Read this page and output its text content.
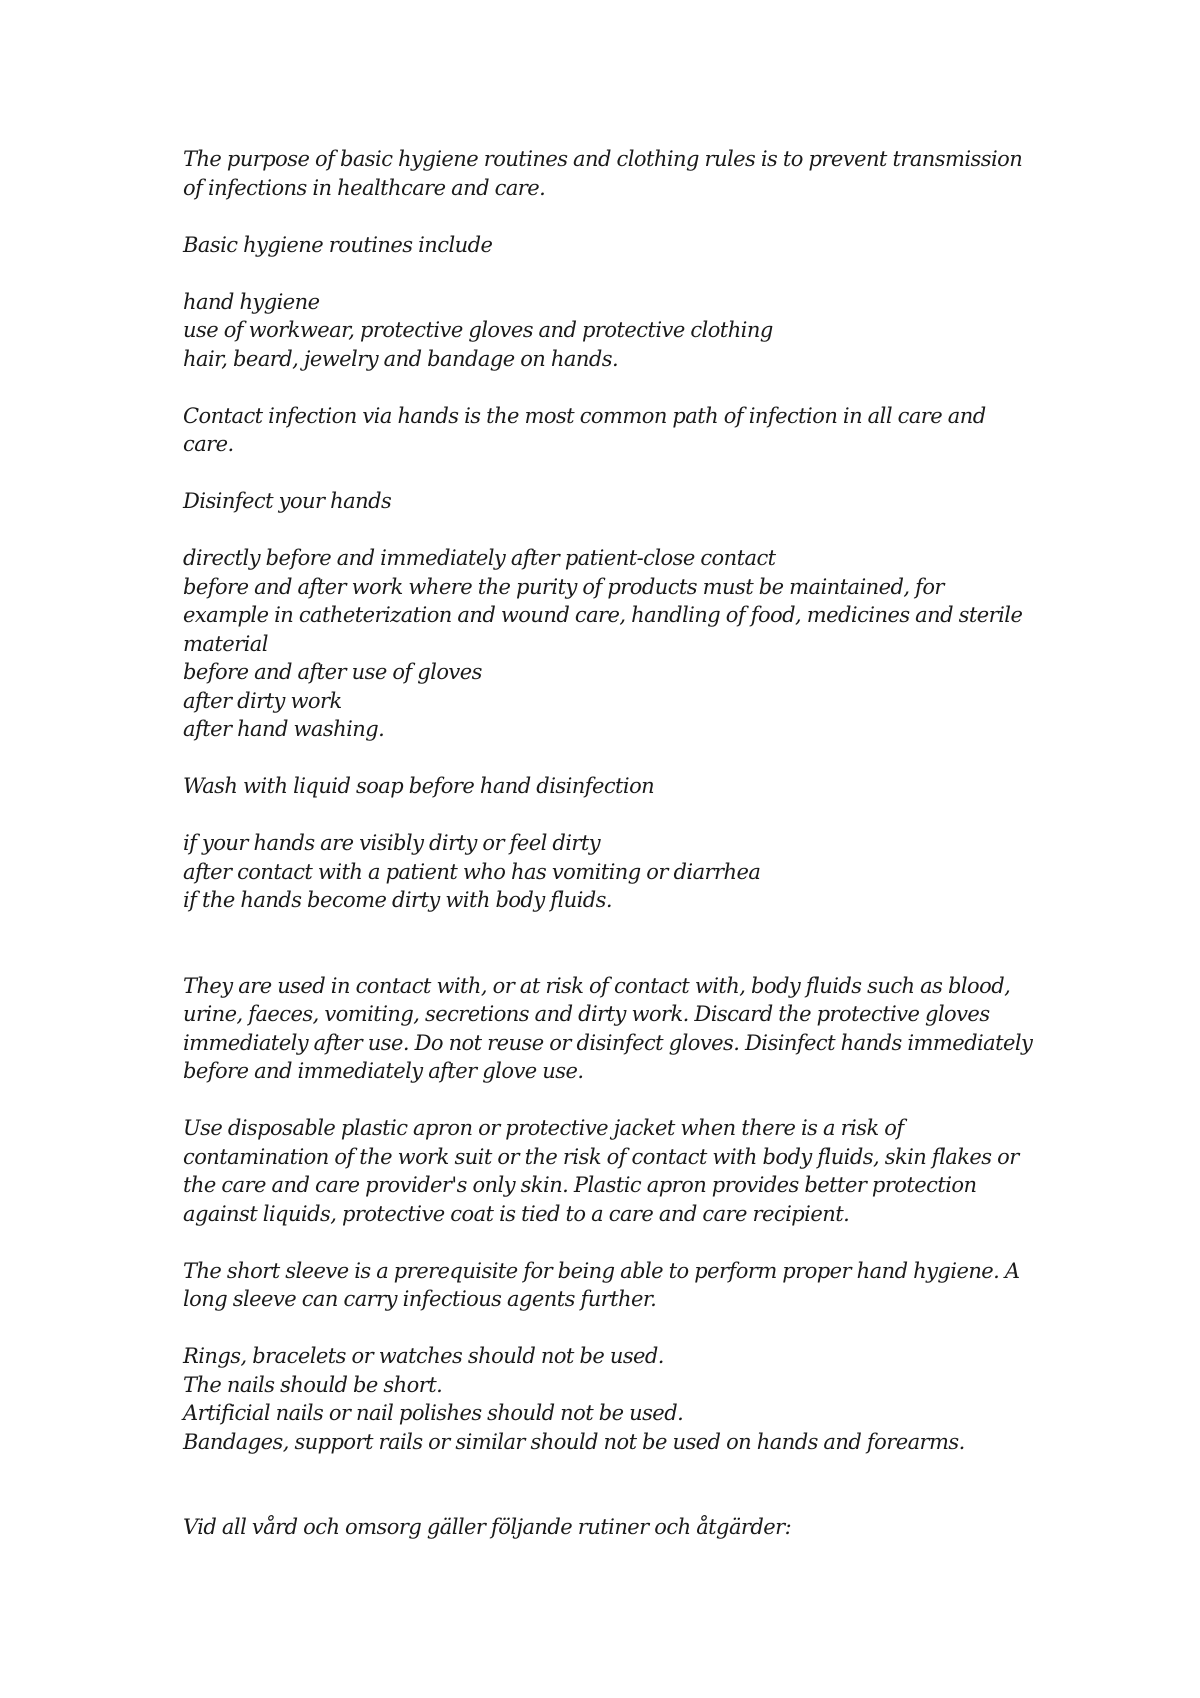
The purpose of basic hygiene routines and clothing rules is to prevent transmission
of infections in healthcare and care.
Basic hygiene routines include
hand hygiene
use of workwear, protective gloves and protective clothing
hair, beard, jewelry and bandage on hands.
Contact infection via hands is the most common path of infection in all care and
care.
Disinfect your hands
directly before and immediately after patient-close contact
before and after work where the purity of products must be maintained, for
example in catheterization and wound care, handling of food, medicines and sterile
material
before and after use of gloves
after dirty work
after hand washing.
Wash with liquid soap before hand disinfection
if your hands are visibly dirty or feel dirty
after contact with a patient who has vomiting or diarrhea
if the hands become dirty with body fluids.
They are used in contact with, or at risk of contact with, body fluids such as blood,
urine, faeces, vomiting, secretions and dirty work. Discard the protective gloves
immediately after use. Do not reuse or disinfect gloves. Disinfect hands immediately
before and immediately after glove use.
Use disposable plastic apron or protective jacket when there is a risk of
contamination of the work suit or the risk of contact with body fluids, skin flakes or
the care and care provider's only skin. Plastic apron provides better protection
against liquids, protective coat is tied to a care and care recipient.
The short sleeve is a prerequisite for being able to perform proper hand hygiene. A
long sleeve can carry infectious agents further.
Rings, bracelets or watches should not be used.
The nails should be short.
Artificial nails or nail polishes should not be used.
Bandages, support rails or similar should not be used on hands and forearms.
Vid all vård och omsorg gäller följande rutiner och åtgärder:
